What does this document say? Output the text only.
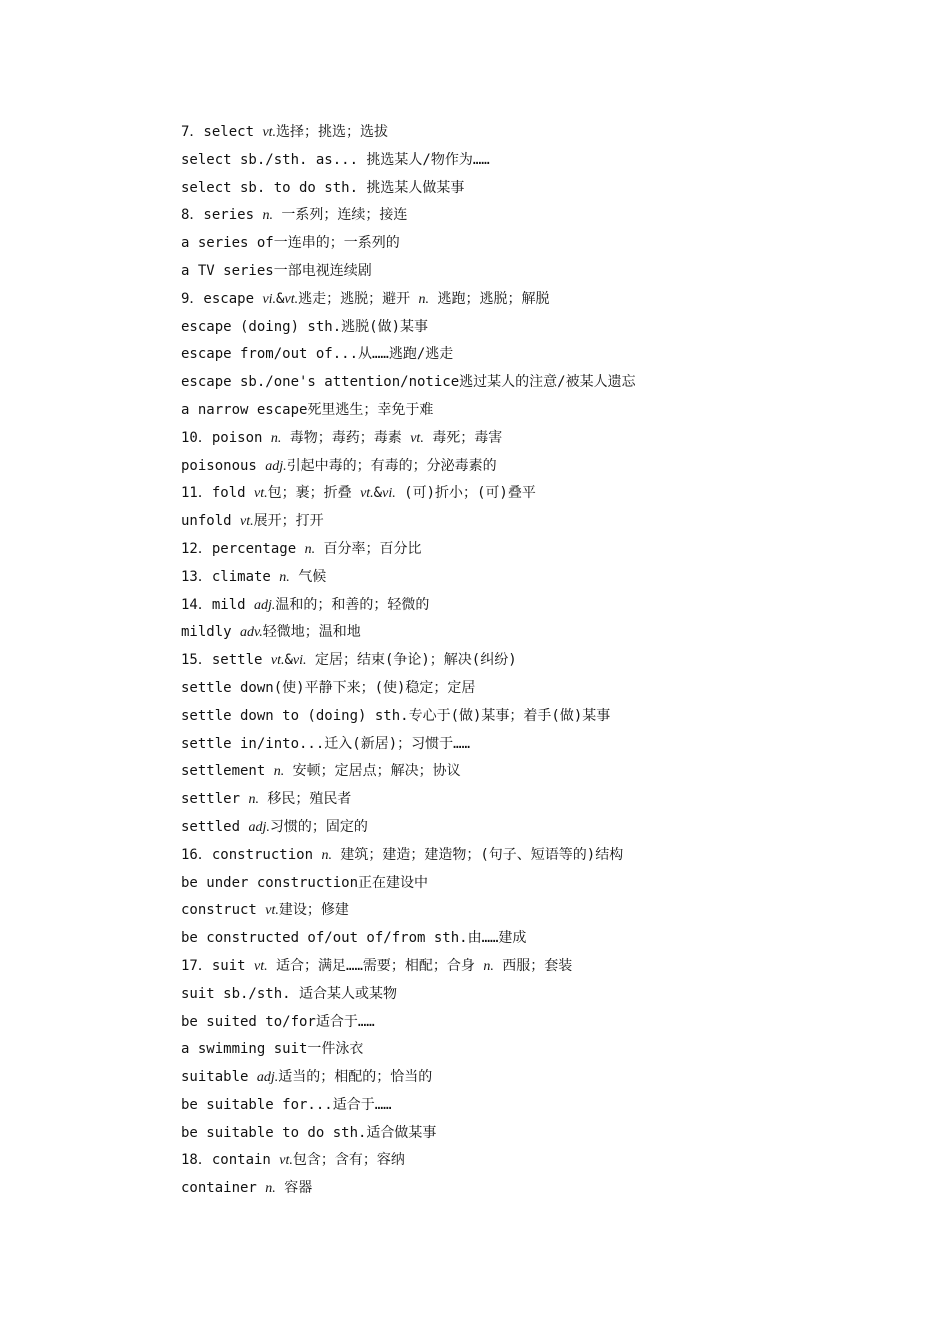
7．select vt.选择；挑选；选拔
select sb./sth. as... 挑选某人/物作为……
select sb. to do sth. 挑选某人做某事
8．series n. 一系列；连续；接连
a series of一连串的；一系列的
a TV series一部电视连续剧
9．escape vi.&vt.逃走；逃脱；避开 n. 逃跑；逃脱；解脱
escape (doing) sth.逃脱(做)某事
escape from/out of...从……逃跑/逃走
escape sb./one's attention/notice逃过某人的注意/被某人遗忘
a narrow escape死里逃生；幸免于难
10．poison n. 毒物；毒药；毒素 vt. 毒死；毒害
poisonous adj.引起中毒的；有毒的；分泌毒素的
11．fold vt.包；裹；折叠 vt.&vi. (可)折小；(可)叠平
unfold vt.展开；打开
12．percentage n. 百分率；百分比
13．climate n. 气候
14．mild adj.温和的；和善的；轻微的
mildly adv.轻微地；温和地
15．settle vt.&vi. 定居；结束(争论)；解决(纠纷)
settle down(使)平静下来；(使)稳定；定居
settle down to (doing) sth.专心于(做)某事；着手(做)某事
settle in/into...迁入(新居)；习惯于……
settlement n. 安顿；定居点；解决；协议
settler n. 移民；殖民者
settled adj.习惯的；固定的
16．construction n. 建筑；建造；建造物；(句子、短语等的)结构
be under construction正在建设中
construct vt.建设；修建
be constructed of/out of/from sth.由……建成
17．suit vt. 适合；满足……需要；相配；合身 n. 西服；套装
suit sb./sth. 适合某人或某物
be suited to/for适合于……
a swimming suit一件泳衣
suitable adj.适当的；相配的；恰当的
be suitable for...适合于……
be suitable to do sth.适合做某事
18．contain vt.包含；含有；容纳
container n. 容器
